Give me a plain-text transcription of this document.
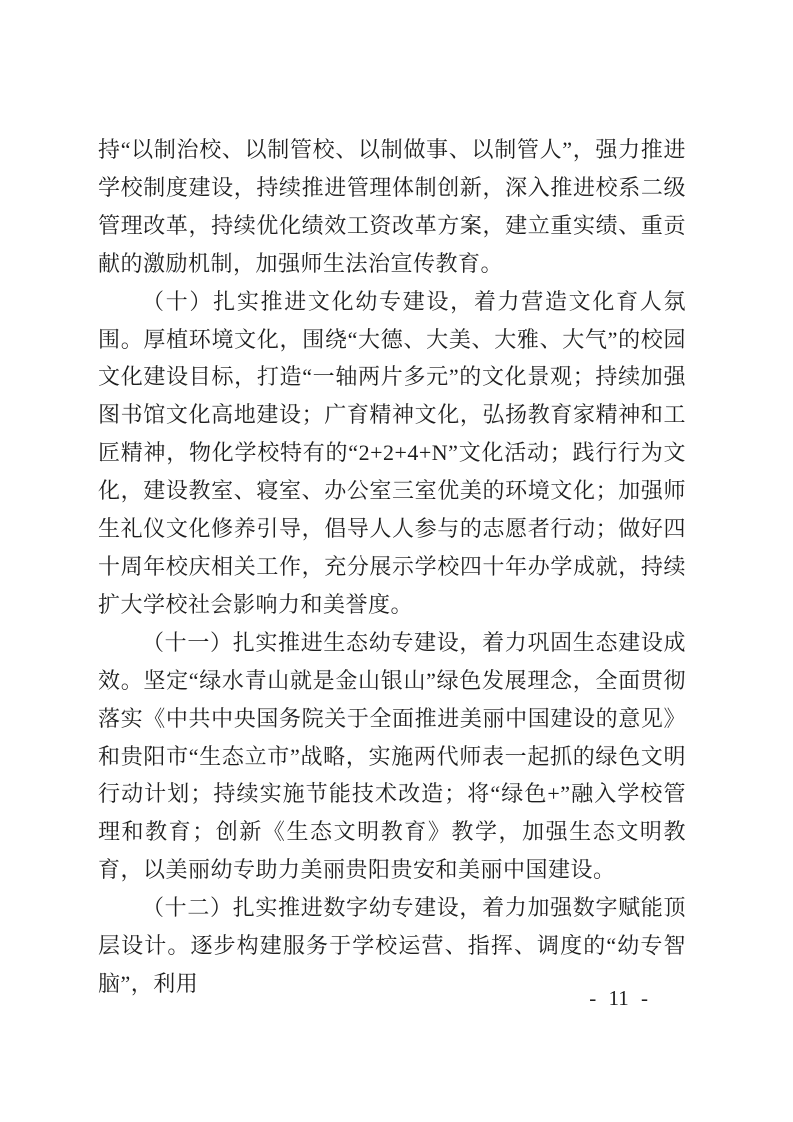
持“以制治校、以制管校、以制做事、以制管人”，强力推进学校制度建设，持续推进管理体制创新，深入推进校系二级管理改革，持续优化绩效工资改革方案，建立重实绩、重贡献的激励机制，加强师生法治宣传教育。

（十）扎实推进文化幼专建设，着力营造文化育人氛围。厚植环境文化，围绕“大德、大美、大雅、大气”的校园文化建设目标，打造“一轴两片多元”的文化景观；持续加强图书馆文化高地建设；广育精神文化，弘扬教育家精神和工匠精神，物化学校特有的“2+2+4+N”文化活动；践行行为文化，建设教室、寝室、办公室三室优美的环境文化；加强师生礼仪文化修养引导，倡导人人参与的志愿者行动；做好四十周年校庆相关工作，充分展示学校四十年办学成就，持续扩大学校社会影响力和美誉度。

（十一）扎实推进生态幼专建设，着力巩固生态建设成效。坚定“绿水青山就是金山银山”绿色发展理念，全面贯彻落实《中共中央国务院关于全面推进美丽中国建设的意见》和贵阳市“生态立市”战略，实施两代师表一起抓的绿色文明行动计划；持续实施节能技术改造；将“绿色+”融入学校管理和教育；创新《生态文明教育》教学，加强生态文明教育，以美丽幼专助力美丽贵阳贵安和美丽中国建设。

（十二）扎实推进数字幼专建设，着力加强数字赋能顶层设计。逐步构建服务于学校运营、指挥、调度的“幼专智脑”，利用

- 11 -
